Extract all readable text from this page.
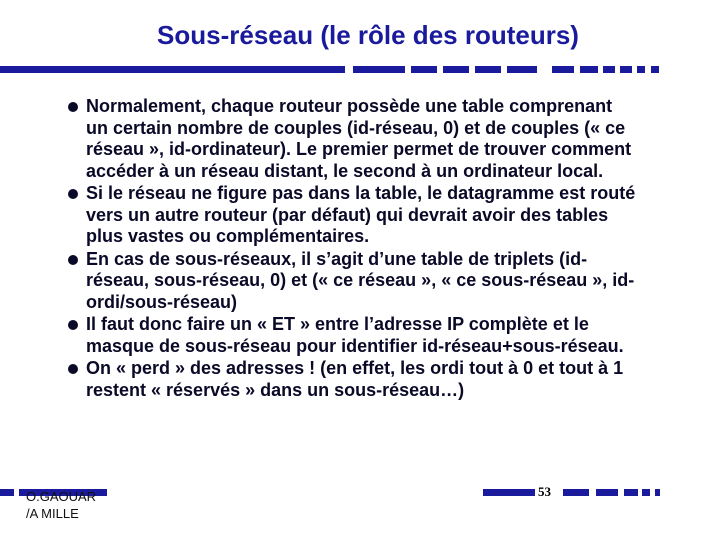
Sous-réseau (le rôle des routeurs)
Normalement, chaque routeur possède une table comprenant un certain nombre de couples (id-réseau, 0) et de couples (« ce réseau », id-ordinateur). Le premier permet de trouver comment accéder à un réseau distant, le second à un ordinateur local.
Si le réseau ne figure pas dans la table, le datagramme est routé vers un autre routeur (par défaut) qui devrait avoir des tables plus vastes ou complémentaires.
En cas de sous-réseaux, il s’agit d’une table de triplets (id-réseau, sous-réseau, 0) et (« ce réseau », « ce sous-réseau », id-ordi/sous-réseau)
Il faut donc faire un « ET » entre l’adresse IP complète et le masque de sous-réseau pour identifier id-réseau+sous-réseau.
On « perd » des adresses ! (en effet, les ordi tout à 0 et tout à 1 restent « réservés » dans un sous-réseau…)
O.GAOUAR
/A MILLE
53
